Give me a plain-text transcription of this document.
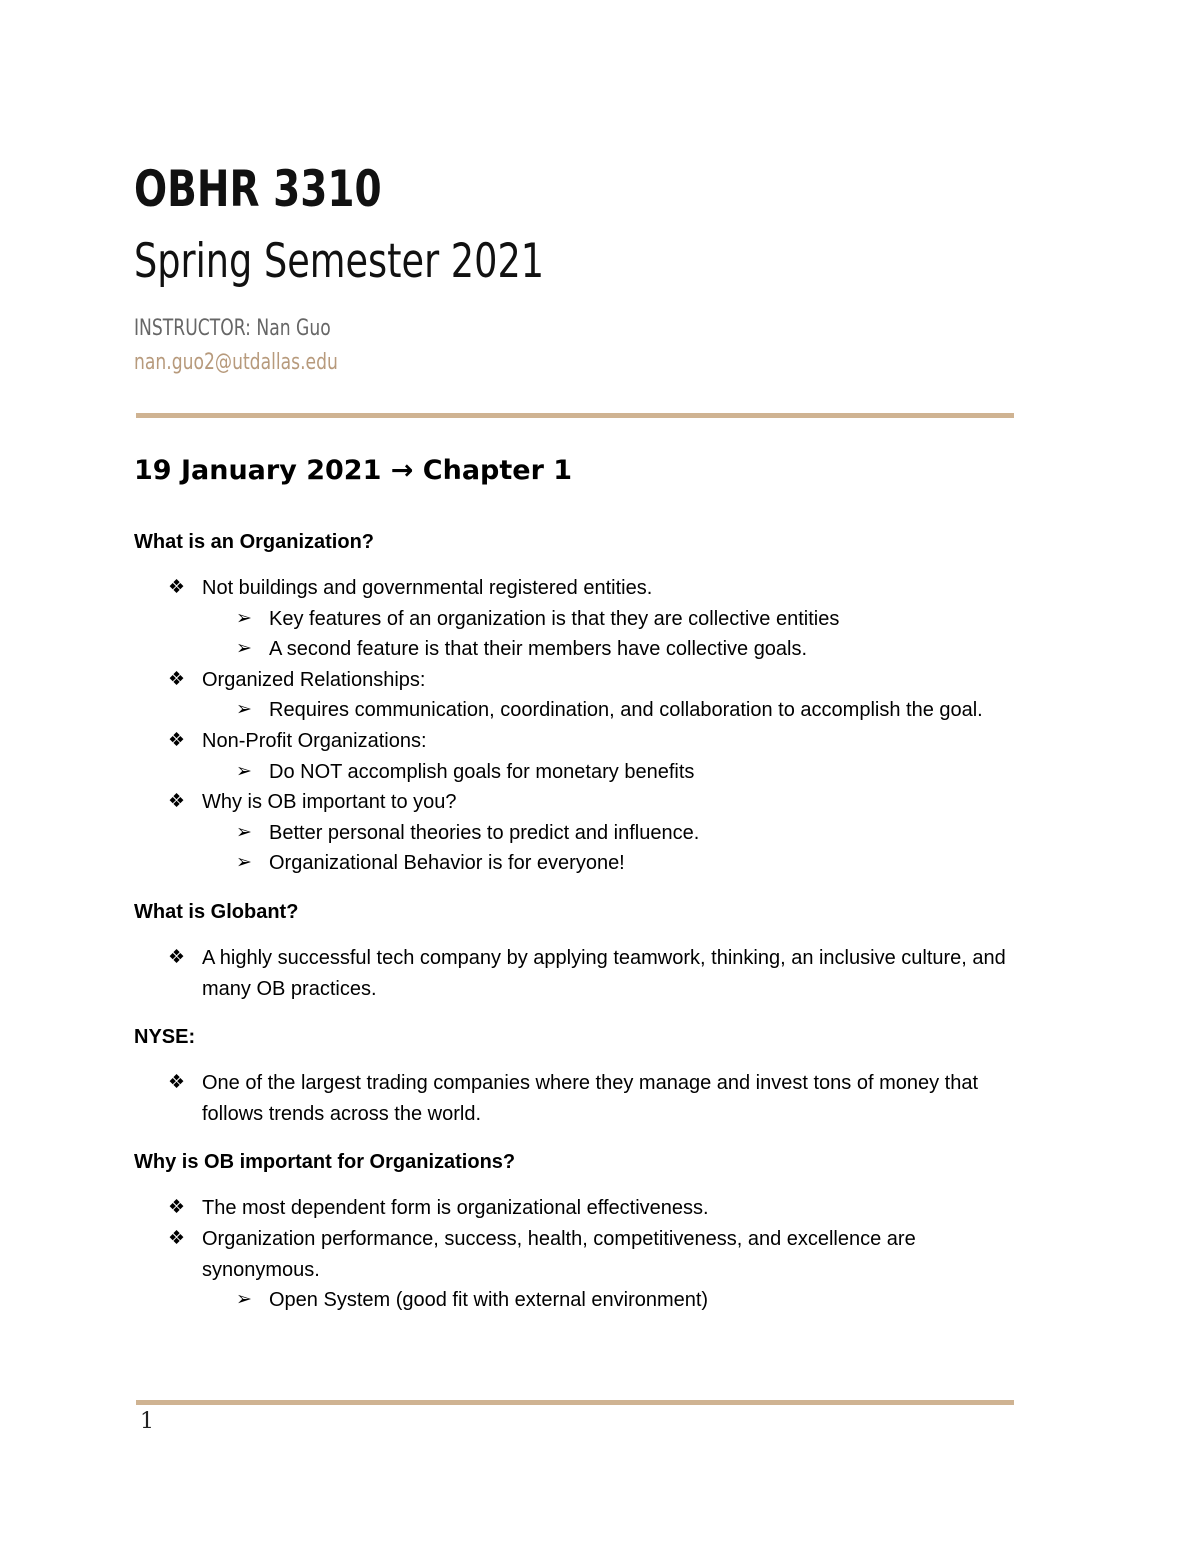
OBHR 3310
Spring Semester 2021
INSTRUCTOR: Nan Guo
nan.guo2@utdallas.edu
19 January 2021 → Chapter 1
What is an Organization?
❖ Not buildings and governmental registered entities.
➢ Key features of an organization is that they are collective entities
➢ A second feature is that their members have collective goals.
❖ Organized Relationships:
➢ Requires communication, coordination, and collaboration to accomplish the goal.
❖ Non-Profit Organizations:
➢ Do NOT accomplish goals for monetary benefits
❖ Why is OB important to you?
➢ Better personal theories to predict and influence.
➢ Organizational Behavior is for everyone!
What is Globant?
❖ A highly successful tech company by applying teamwork, thinking, an inclusive culture, and many OB practices.
NYSE:
❖ One of the largest trading companies where they manage and invest tons of money that follows trends across the world.
Why is OB important for Organizations?
❖ The most dependent form is organizational effectiveness.
❖ Organization performance, success, health, competitiveness, and excellence are synonymous.
➢ Open System (good fit with external environment)
1
